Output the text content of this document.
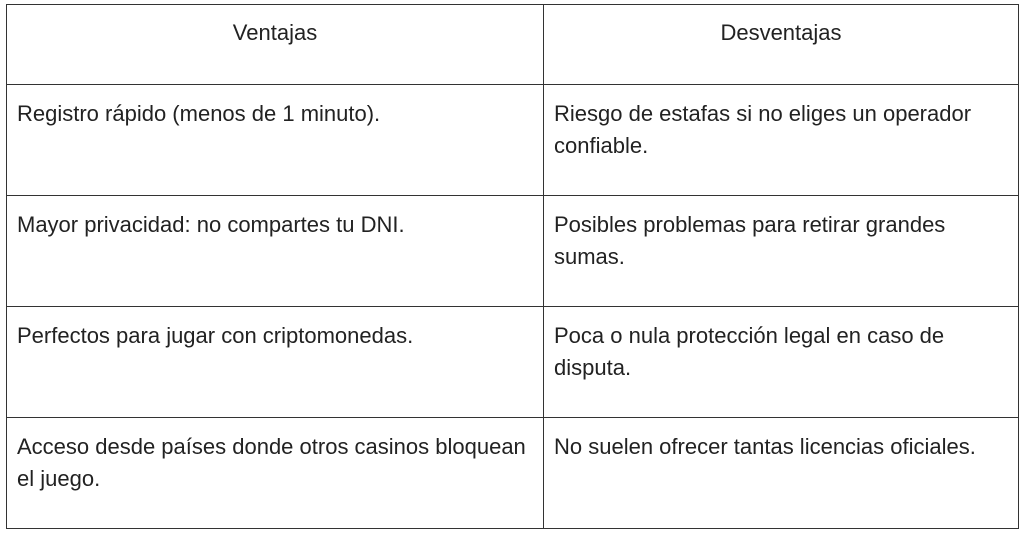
Ventajas	Desventajas
Registro rápido (menos de 1 minuto).	Riesgo de estafas si no eliges un operador confiable.
Mayor privacidad: no compartes tu DNI.	Posibles problemas para retirar grandes sumas.
Perfectos para jugar con criptomonedas.	Poca o nula protección legal en caso de disputa.
Acceso desde países donde otros casinos bloquean el juego.	No suelen ofrecer tantas licencias oficiales.
